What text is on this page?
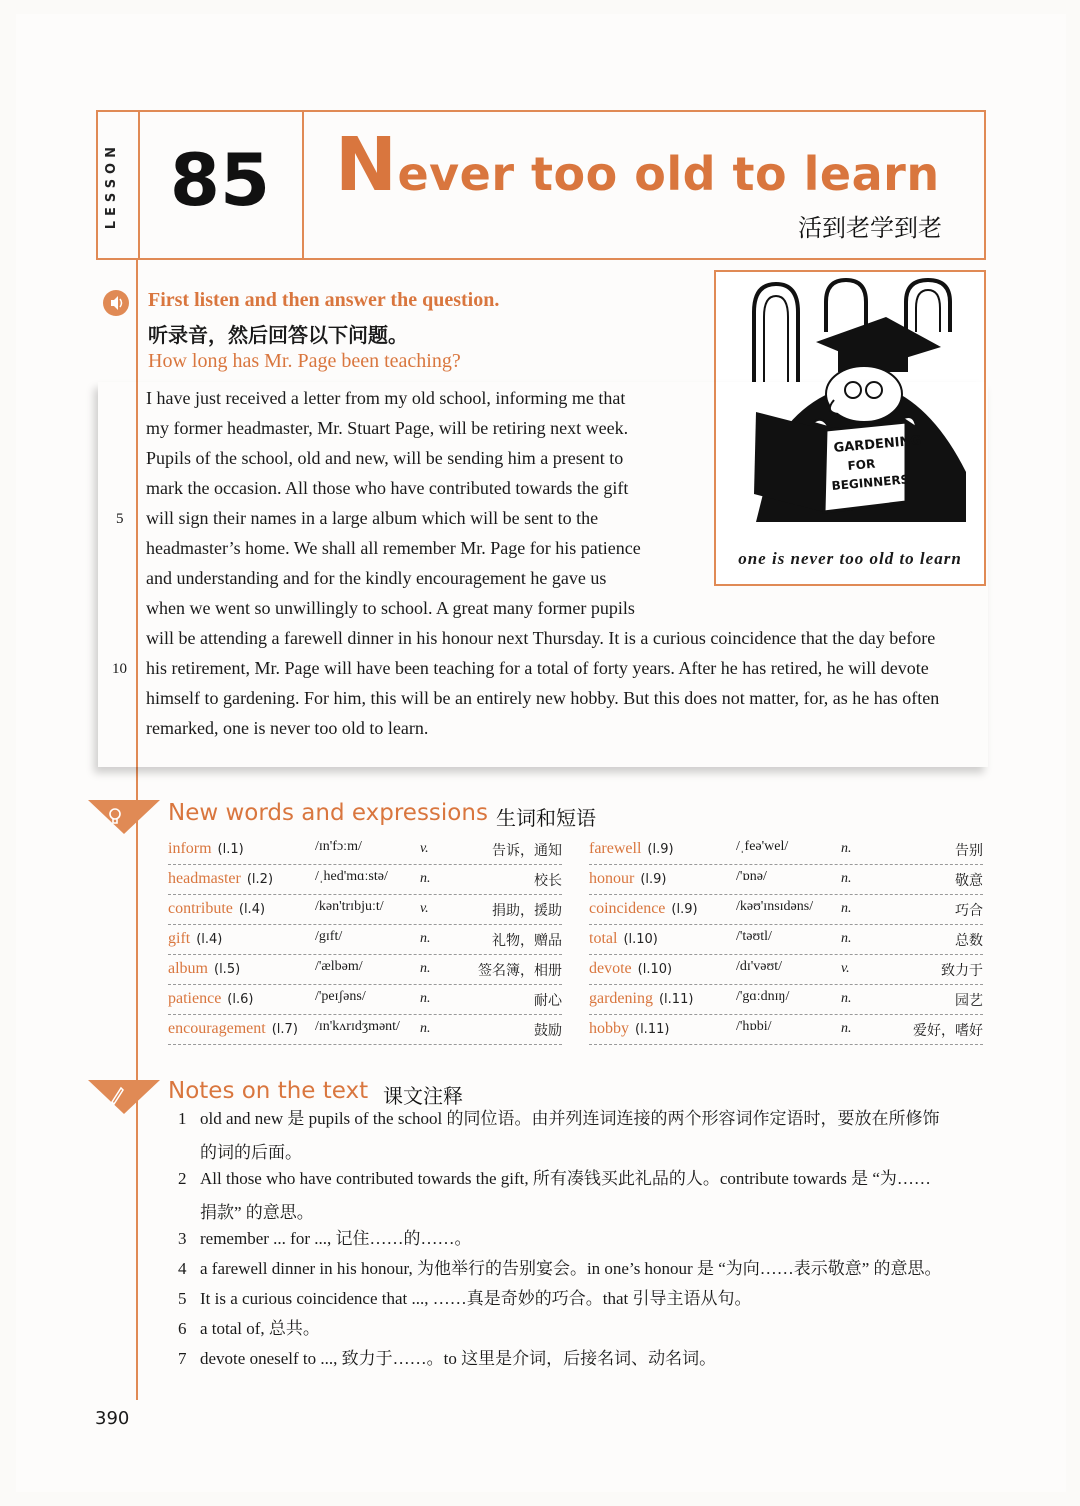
LESSON 85 Never too old to learn
活到老学到老
First listen and then answer the question.
听录音，然后回答以下问题。
How long has Mr. Page been teaching?
GARDENING
FOR
BEGINNERS
one is never too old to learn
I have just received a letter from my old school, informing me that
my former headmaster, Mr. Stuart Page, will be retiring next week.
Pupils of the school, old and new, will be sending him a present to
mark the occasion. All those who have contributed towards the gift
5 will sign their names in a large album which will be sent to the
headmaster’s home. We shall all remember Mr. Page for his patience
and understanding and for the kindly encouragement he gave us
when we went so unwillingly to school. A great many former pupils
will be attending a farewell dinner in his honour next Thursday. It is a curious coincidence that the day before
10 his retirement, Mr. Page will have been teaching for a total of forty years. After he has retired, he will devote
himself to gardening. For him, this will be an entirely new hobby. But this does not matter, for, as he has often
remarked, one is never too old to learn.
New words and expressions 生词和短语
inform (l.1)	/ɪn'fɔːm/	v.	告诉，通知
headmaster (l.2)	/ˌhed'mɑːstə/ n.	校长
contribute (l.4)	/kən'trɪbjuːt/	v.	捐助，援助
gift (l.4)	/gɪft/	n.	礼物，赠品
album (l.5)	/'ælbəm/	n.	签名簿，相册
patience (l.6)	/'peɪʃəns/	n.	耐心
encouragement (l.7) /ɪn'kʌrɪdʒmənt/ n.	鼓励
farewell (l.9)	/ˌfeə'wel/	n.	告别
honour (l.9)	/'ɒnə/	n.	敬意
coincidence (l.9)	/kəʊ'ɪnsɪdəns/ n.	巧合
total (l.10)	/'təʊtl/	n.	总数
devote (l.10)	/dɪ'vəʊt/	v.	致力于
gardening (l.11)	/'gɑːdnɪŋ/	n.	园艺
hobby (l.11)	/'hɒbi/	n.	爱好，嗜好
Notes on the text 课文注释
1 old and new 是 pupils of the school 的同位语。由并列连词连接的两个形容词作定语时，要放在所修饰
的词的后面。
2 All those who have contributed towards the gift, 所有凑钱买此礼品的人。contribute towards 是 “为……
捐款” 的意思。
3 remember ... for ..., 记住……的……。
4 a farewell dinner in his honour, 为他举行的告别宴会。in one’s honour 是 “为向……表示敬意” 的意思。
5 It is a curious coincidence that ..., ……真是奇妙的巧合。that 引导主语从句。
6 a total of, 总共。
7 devote oneself to ..., 致力于……。to 这里是介词，后接名词、动名词。
390
